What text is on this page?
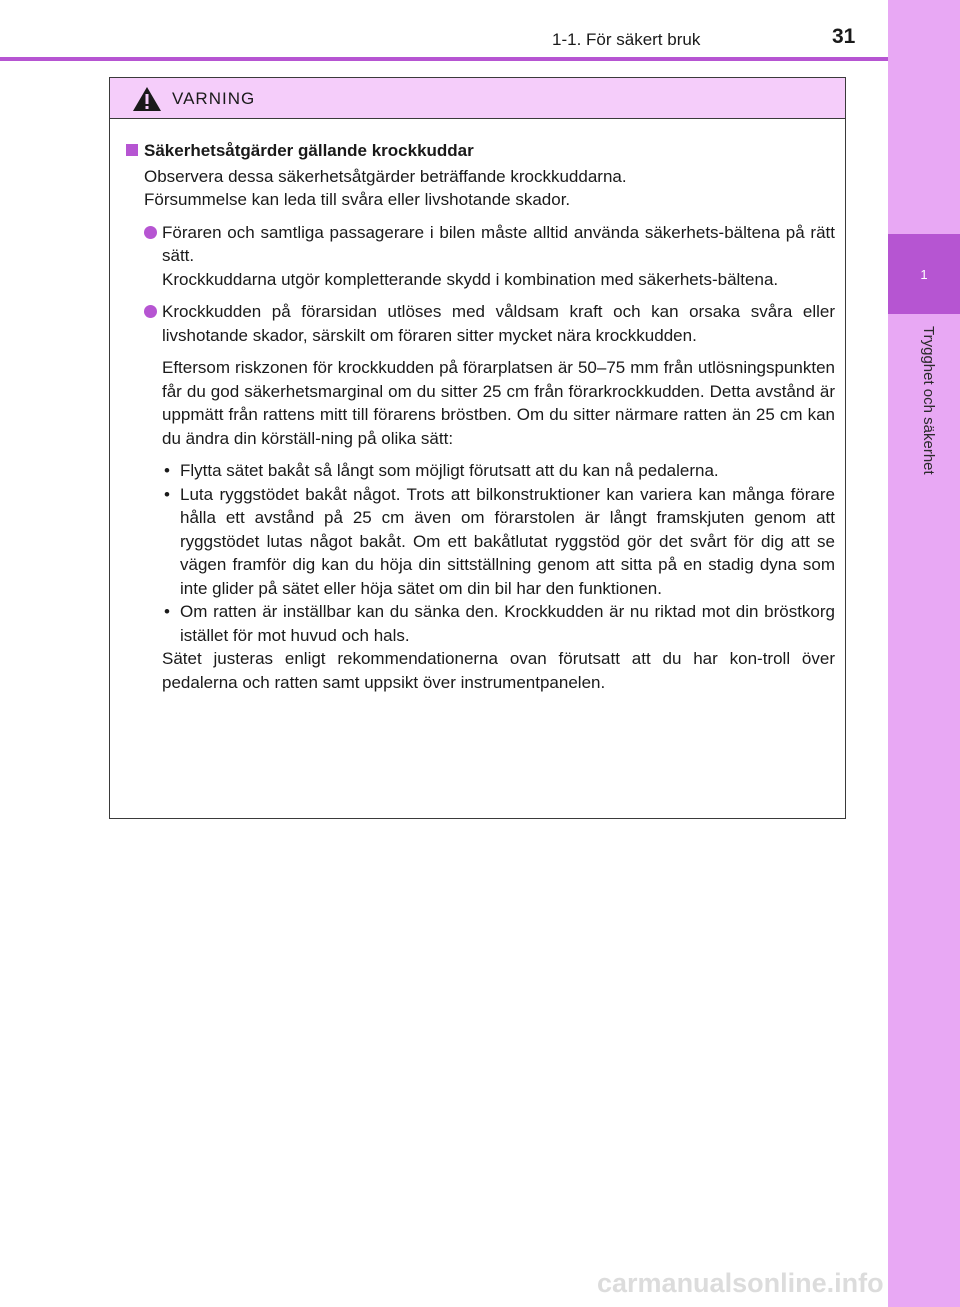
1-1. För säkert bruk	31
1
Trygghet och säkerhet
VARNING
Säkerhetsåtgärder gällande krockkuddar

Observera dessa säkerhetsåtgärder beträffande krockkuddarna.

Försummelse kan leda till svåra eller livshotande skador.

Föraren och samtliga passagerare i bilen måste alltid använda säkerhets-bältena på rätt sätt.

Krockkuddarna utgör kompletterande skydd i kombination med säkerhets-bältena.

Krockkudden på förarsidan utlöses med våldsam kraft och kan orsaka svåra eller livshotande skador, särskilt om föraren sitter mycket nära krockkudden.

Eftersom riskzonen för krockkudden på förarplatsen är 50–75 mm från utlösningspunkten får du god säkerhetsmarginal om du sitter 25 cm från förarkrockkudden. Detta avstånd är uppmätt från rattens mitt till förarens bröstben. Om du sitter närmare ratten än 25 cm kan du ändra din körställ-ning på olika sätt:

• Flytta sätet bakåt så långt som möjligt förutsatt att du kan nå pedalerna.
• Luta ryggstödet bakåt något. Trots att bilkonstruktioner kan variera kan många förare hålla ett avstånd på 25 cm även om förarstolen är långt framskjuten genom att ryggstödet lutas något bakåt. Om ett bakåtlutat ryggstöd gör det svårt för dig att se vägen framför dig kan du höja din sittställning genom att sitta på en stadig dyna som inte glider på sätet eller höja sätet om din bil har den funktionen.
• Om ratten är inställbar kan du sänka den. Krockkudden är nu riktad mot din bröstkorg istället för mot huvud och hals.

Sätet justeras enligt rekommendationerna ovan förutsatt att du har kon-troll över pedalerna och ratten samt uppsikt över instrumentpanelen.

carmanualsonline.info
